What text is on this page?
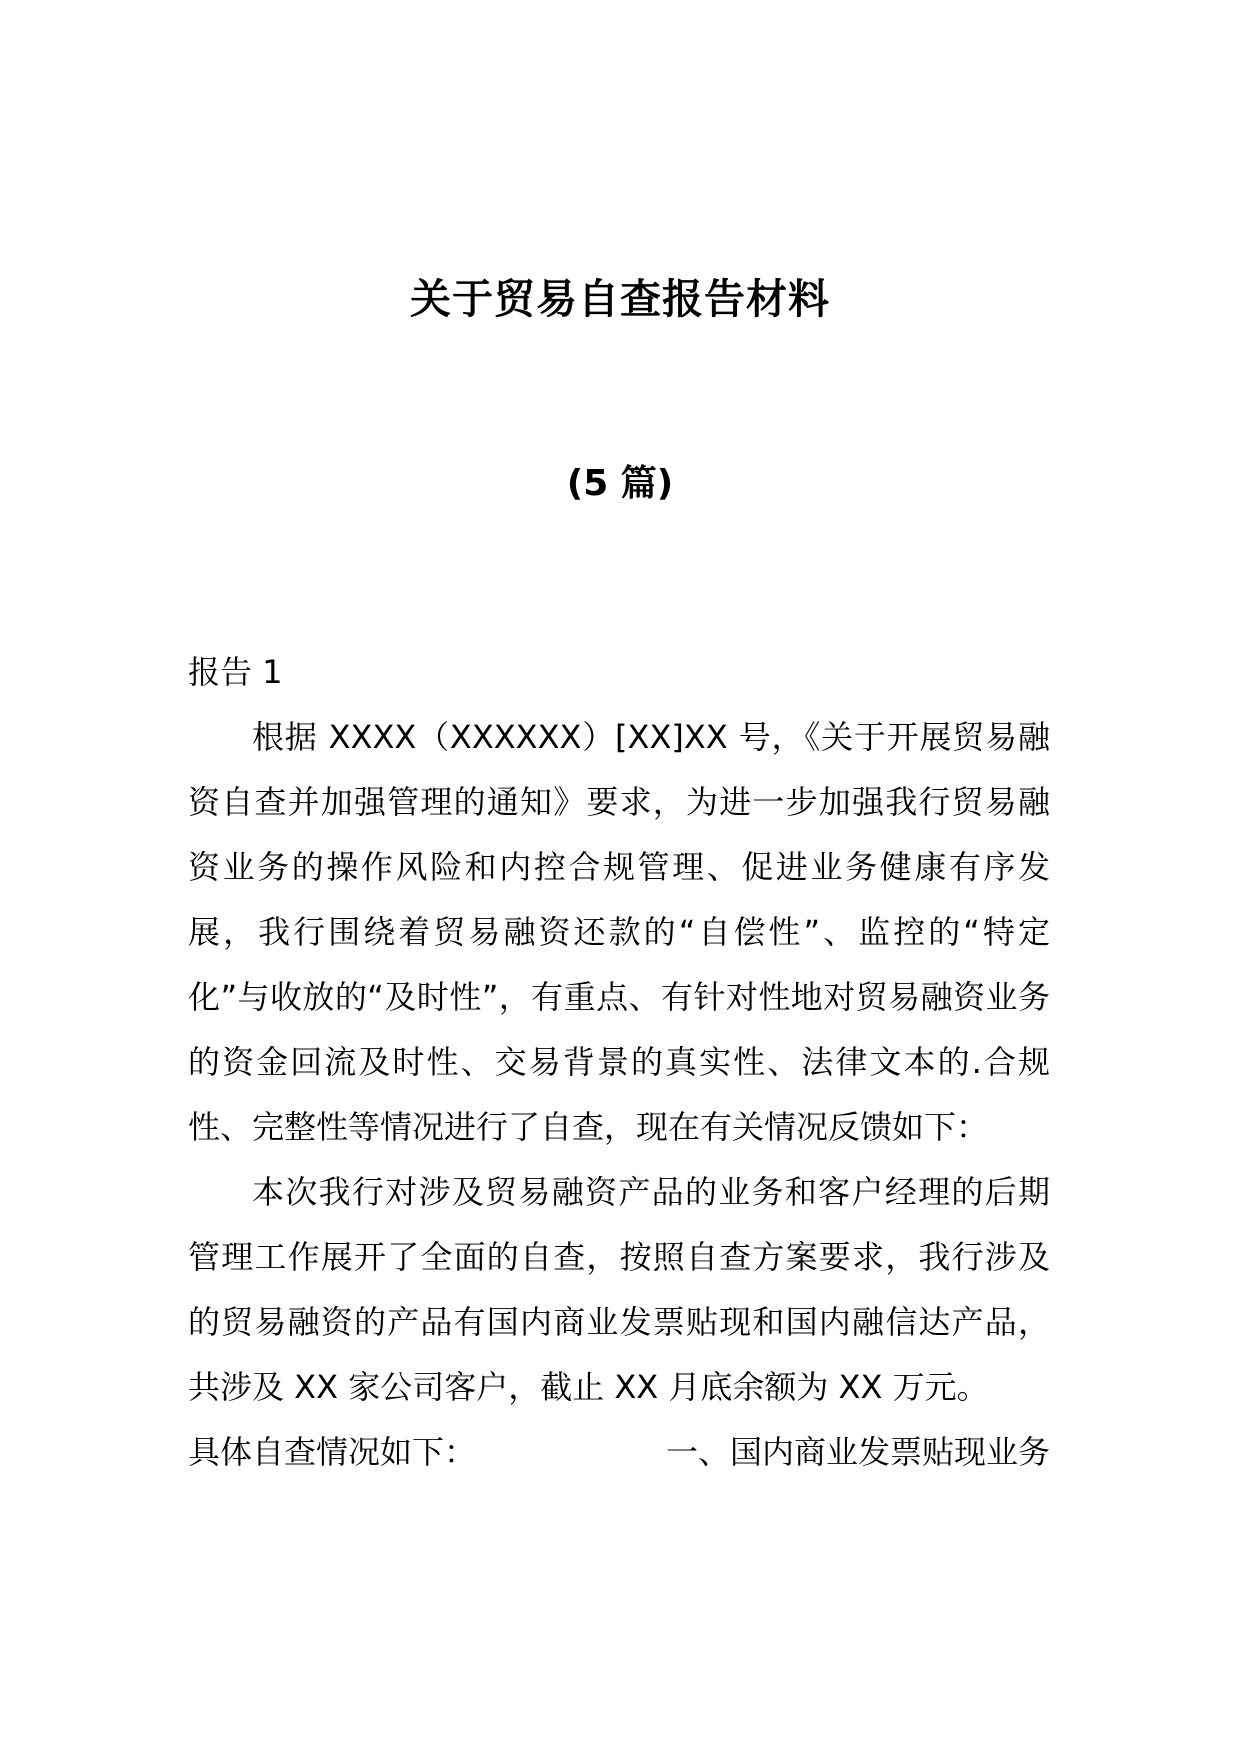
关于贸易自查报告材料
(5 篇)

报告 1

根据 XXXX（XXXXXX）[XX]XX 号，《关于开展贸易融资自查并加强管理的通知》要求，为进一步加强我行贸易融资业务的操作风险和内控合规管理、促进业务健康有序发展，我行围绕着贸易融资还款的“自偿性”、监控的“特定化”与收放的“及时性”，有重点、有针对性地对贸易融资业务的资金回流及时性、交易背景的真实性、法律文本的.合规性、完整性等情况进行了自查，现在有关情况反馈如下：

本次我行对涉及贸易融资产品的业务和客户经理的后期管理工作展开了全面的自查，按照自查方案要求，我行涉及的贸易融资的产品有国内商业发票贴现和国内融信达产品，共涉及 XX 家公司客户，截止 XX 月底余额为 XX 万元。

具体自查情况如下：	一、国内商业发票贴现业务
